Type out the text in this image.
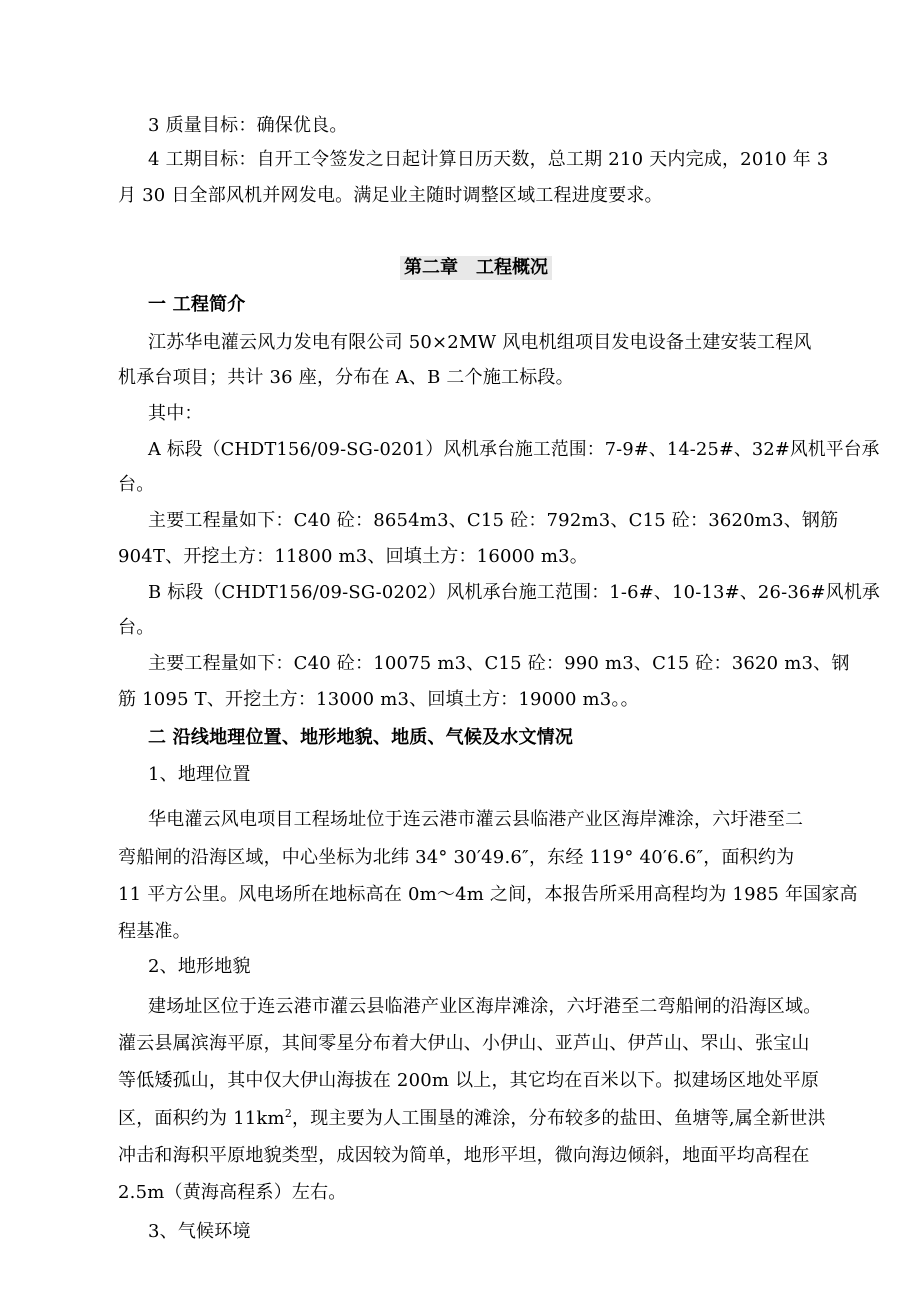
3 质量目标：确保优良。
4 工期目标：自开工令签发之日起计算日历天数，总工期 210 天内完成，2010 年 3
月 30 日全部风机并网发电。满足业主随时调整区域工程进度要求。
第二章　工程概况
一 工程简介
江苏华电灌云风力发电有限公司 50×2MW 风电机组项目发电设备土建安装工程风
机承台项目；共计 36 座，分布在 A、B 二个施工标段。
其中：
A 标段（CHDT156/09-SG-0201）风机承台施工范围：7-9#、14-25#、32#风机平台承
台。
主要工程量如下：C40 砼：8654m3、C15 砼：792m3、C15 砼：3620m3、钢筋
904T、开挖土方：11800 m3、回填土方：16000 m3。
B 标段（CHDT156/09-SG-0202）风机承台施工范围：1-6#、10-13#、26-36#风机承
台。
主要工程量如下：C40 砼：10075 m3、C15 砼：990 m3、C15 砼：3620 m3、钢
筋 1095 T、开挖土方：13000 m3、回填土方：19000 m3。。
二 沿线地理位置、地形地貌、地质、气候及水文情况
1、地理位置
华电灌云风电项目工程场址位于连云港市灌云县临港产业区海岸滩涂，六圩港至二
弯船闸的沿海区域，中心坐标为北纬 34° 30′49.6″，东经 119° 40′6.6″，面积约为
11 平方公里。风电场所在地标高在 0m～4m 之间，本报告所采用高程均为 1985 年国家高
程基准。
2、地形地貌
建场址区位于连云港市灌云县临港产业区海岸滩涂，六圩港至二弯船闸的沿海区域。
灌云县属滨海平原，其间零星分布着大伊山、小伊山、亚芦山、伊芦山、罘山、张宝山
等低矮孤山，其中仅大伊山海拔在 200m 以上，其它均在百米以下。拟建场区地处平原
区，面积约为 $11km^2$，现主要为人工围垦的滩涂，分布较多的盐田、鱼塘等,属全新世洪
冲击和海积平原地貌类型，成因较为简单，地形平坦，微向海边倾斜，地面平均高程在
2.5m（黄海高程系）左右。
3、气候环境
